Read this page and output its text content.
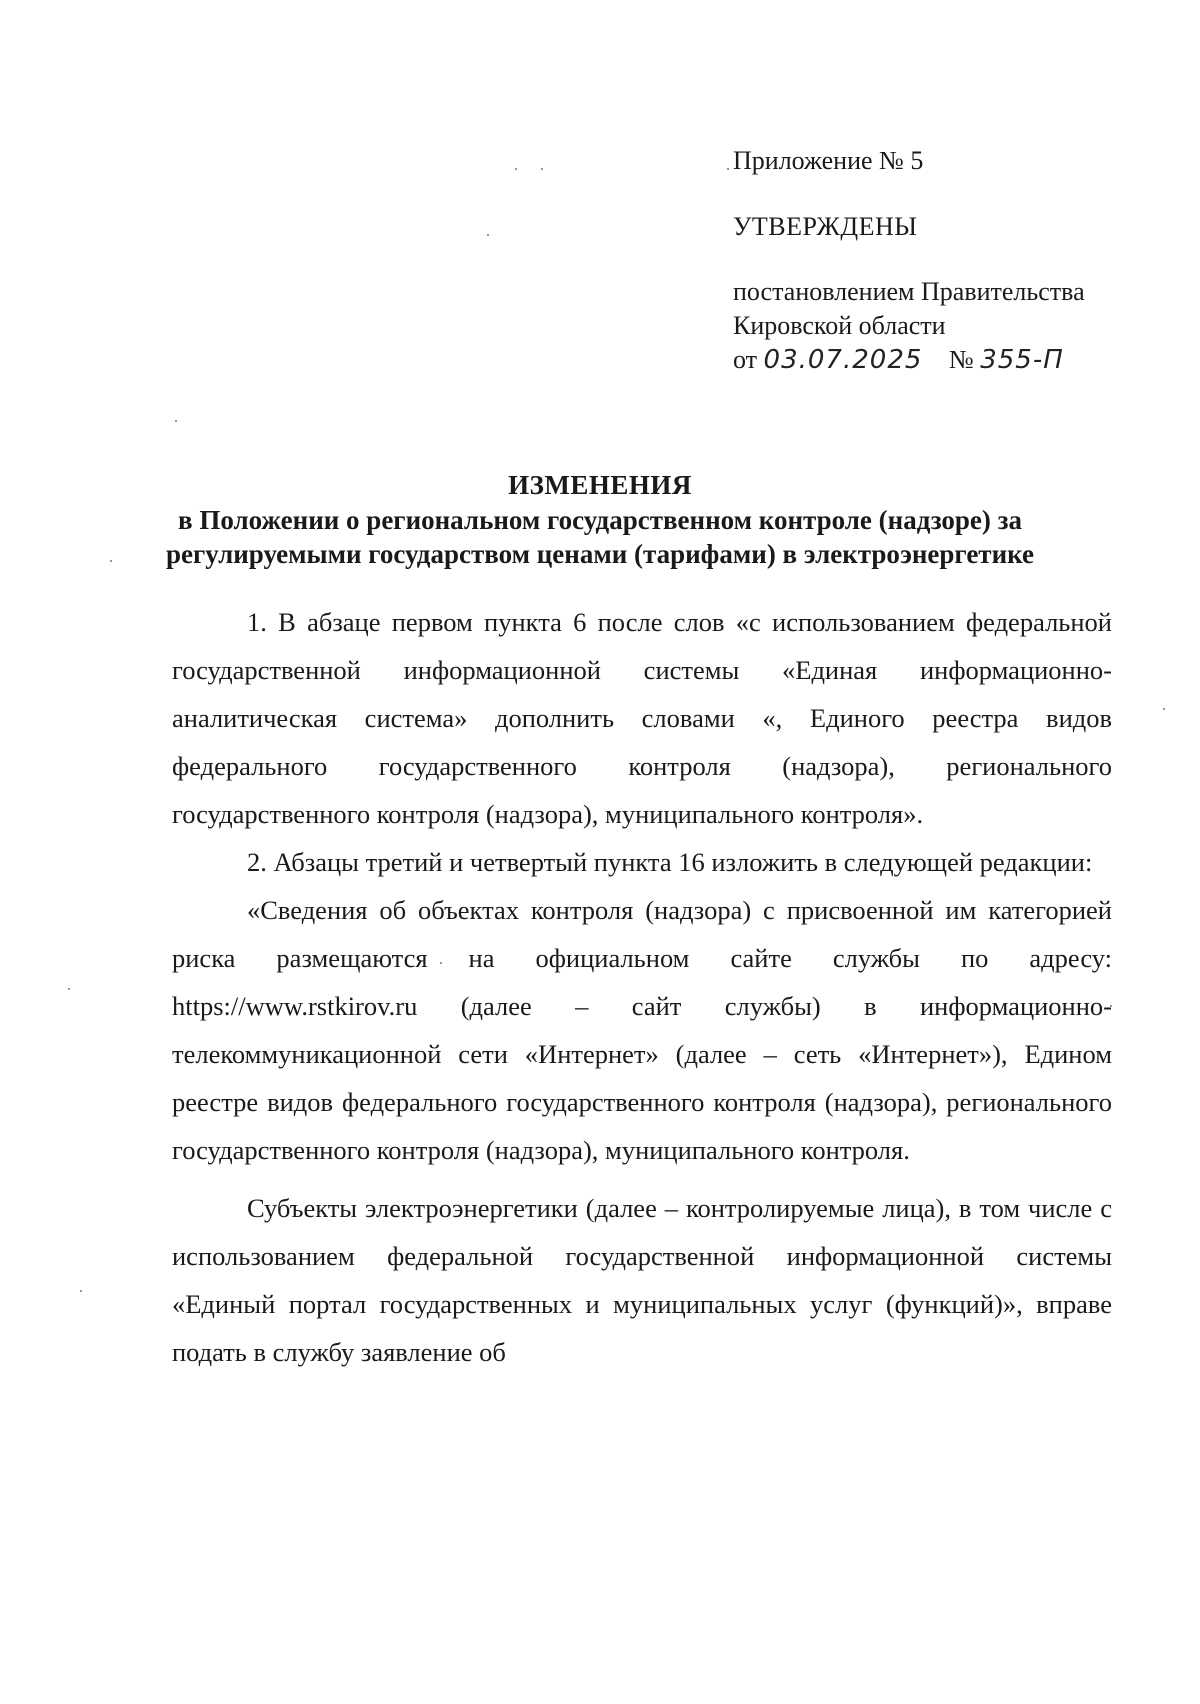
Приложение № 5
УТВЕРЖДЕНЫ
постановлением Правительства
Кировской области
от 03.07.2025 № 355-П
ИЗМЕНЕНИЯ
в Положении о региональном государственном контроле (надзоре) за
регулируемыми государством ценами (тарифами) в электроэнергетике

1. В абзаце первом пункта 6 после слов «с использованием федеральной государственной информационной системы «Единая информационно-аналитическая система» дополнить словами «, Единого реестра видов федерального государственного контроля (надзора), регионального государственного контроля (надзора), муниципального контроля».

2. Абзацы третий и четвертый пункта 16 изложить в следующей редакции:

«Сведения об объектах контроля (надзора) с присвоенной им категорией риска размещаются на официальном сайте службы по адресу: https://www.rstkirov.ru (далее – сайт службы) в информационно-телекоммуникационной сети «Интернет» (далее – сеть «Интернет»), Едином реестре видов федерального государственного контроля (надзора), регионального государственного контроля (надзора), муниципального контроля.

Субъекты электроэнергетики (далее – контролируемые лица), в том числе с использованием федеральной государственной информационной системы «Единый портал государственных и муниципальных услуг (функций)», вправе подать в службу заявление об
